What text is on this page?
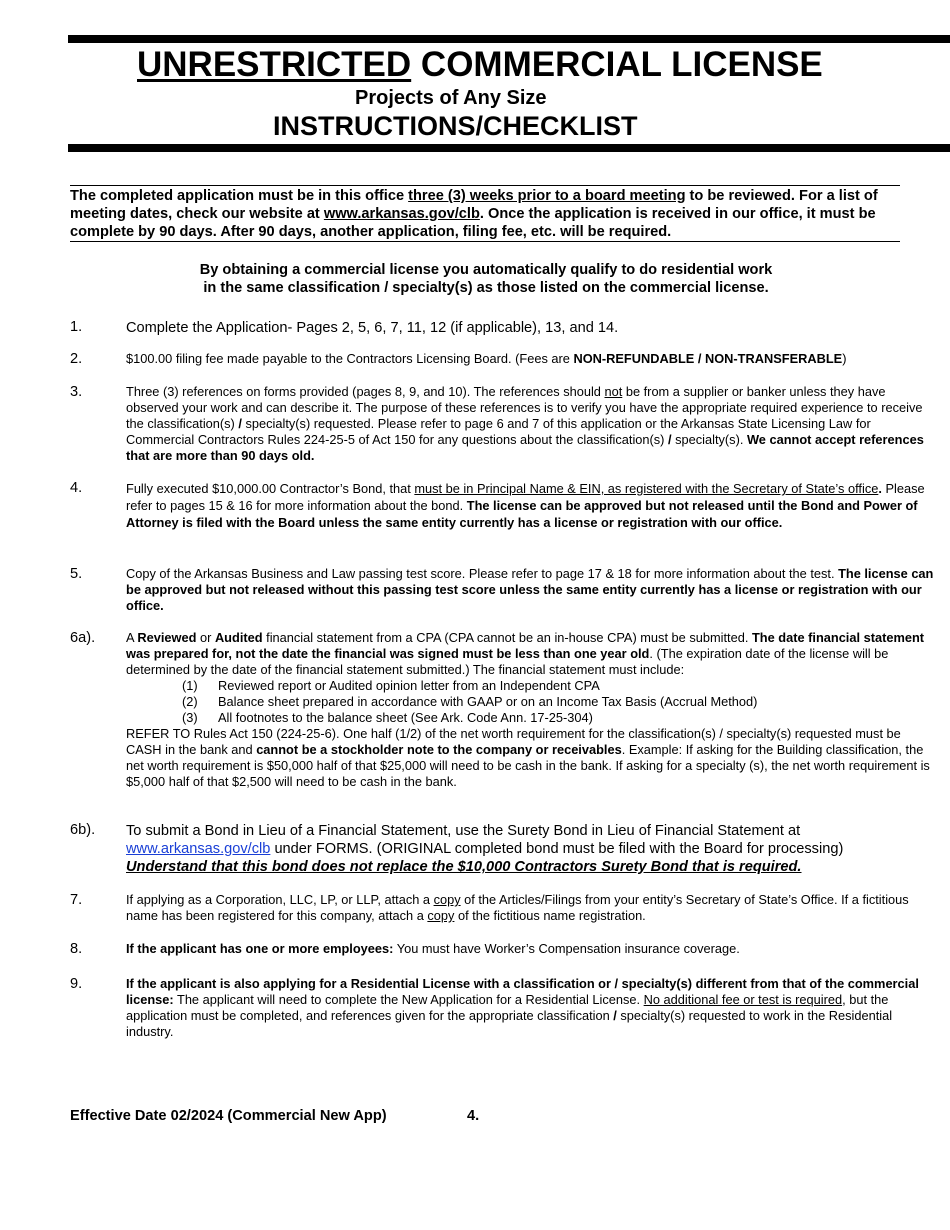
UNRESTRICTED COMMERCIAL LICENSE
Projects of Any Size
INSTRUCTIONS/CHECKLIST
The completed application must be in this office three (3) weeks prior to a board meeting to be reviewed. For a list of meeting dates, check our website at www.arkansas.gov/clb. Once the application is received in our office, it must be complete by 90 days. After 90 days, another application, filing fee, etc. will be required.
By obtaining a commercial license you automatically qualify to do residential work
in the same classification / specialty(s) as those listed on the commercial license.
1.	Complete the Application- Pages 2, 5, 6, 7, 11, 12 (if applicable), 13, and 14.
2.	$100.00 filing fee made payable to the Contractors Licensing Board. (Fees are NON-REFUNDABLE / NON-TRANSFERABLE)
3.	Three (3) references on forms provided (pages 8, 9, and 10). The references should not be from a supplier or banker unless they have observed your work and can describe it. The purpose of these references is to verify you have the appropriate required experience to receive the classification(s) / specialty(s) requested. Please refer to page 6 and 7 of this application or the Arkansas State Licensing Law for Commercial Contractors Rules 224-25-5 of Act 150 for any questions about the classification(s) / specialty(s). We cannot accept references that are more than 90 days old.
4.	Fully executed $10,000.00 Contractor’s Bond, that must be in Principal Name & EIN, as registered with the Secretary of State’s office. Please refer to pages 15 & 16 for more information about the bond. The license can be approved but not released until the Bond and Power of Attorney is filed with the Board unless the same entity currently has a license or registration with our office.
5.	Copy of the Arkansas Business and Law passing test score. Please refer to page 17 & 18 for more information about the test. The license can be approved but not released without this passing test score unless the same entity currently has a license or registration with our office.
6a). A Reviewed or Audited financial statement from a CPA (CPA cannot be an in-house CPA) must be submitted. The date financial statement was prepared for, not the date the financial was signed must be less than one year old. (The expiration date of the license will be determined by the date of the financial statement submitted.) The financial statement must include:
(1) Reviewed report or Audited opinion letter from an Independent CPA
(2) Balance sheet prepared in accordance with GAAP or on an Income Tax Basis (Accrual Method)
(3) All footnotes to the balance sheet (See Ark. Code Ann. 17-25-304)
REFER TO Rules Act 150 (224-25-6). One half (1/2) of the net worth requirement for the classification(s) / specialty(s) requested must be CASH in the bank and cannot be a stockholder note to the company or receivables. Example: If asking for the Building classification, the net worth requirement is $50,000 half of that $25,000 will need to be cash in the bank. If asking for a specialty (s), the net worth requirement is $5,000 half of that $2,500 will need to be cash in the bank.
6b). To submit a Bond in Lieu of a Financial Statement, use the Surety Bond in Lieu of Financial Statement at www.arkansas.gov/clb under FORMS. (ORIGINAL completed bond must be filed with the Board for processing) Understand that this bond does not replace the $10,000 Contractors Surety Bond that is required.
7.	If applying as a Corporation, LLC, LP, or LLP, attach a copy of the Articles/Filings from your entity’s Secretary of State’s Office. If a fictitious name has been registered for this company, attach a copy of the fictitious name registration.
8.	If the applicant has one or more employees: You must have Worker’s Compensation insurance coverage.
9.	If the applicant is also applying for a Residential License with a classification or / specialty(s) different from that of the commercial license: The applicant will need to complete the New Application for a Residential License. No additional fee or test is required, but the application must be completed, and references given for the appropriate classification / specialty(s) requested to work in the Residential industry.
Effective Date 02/2024 (Commercial New App)	4.
